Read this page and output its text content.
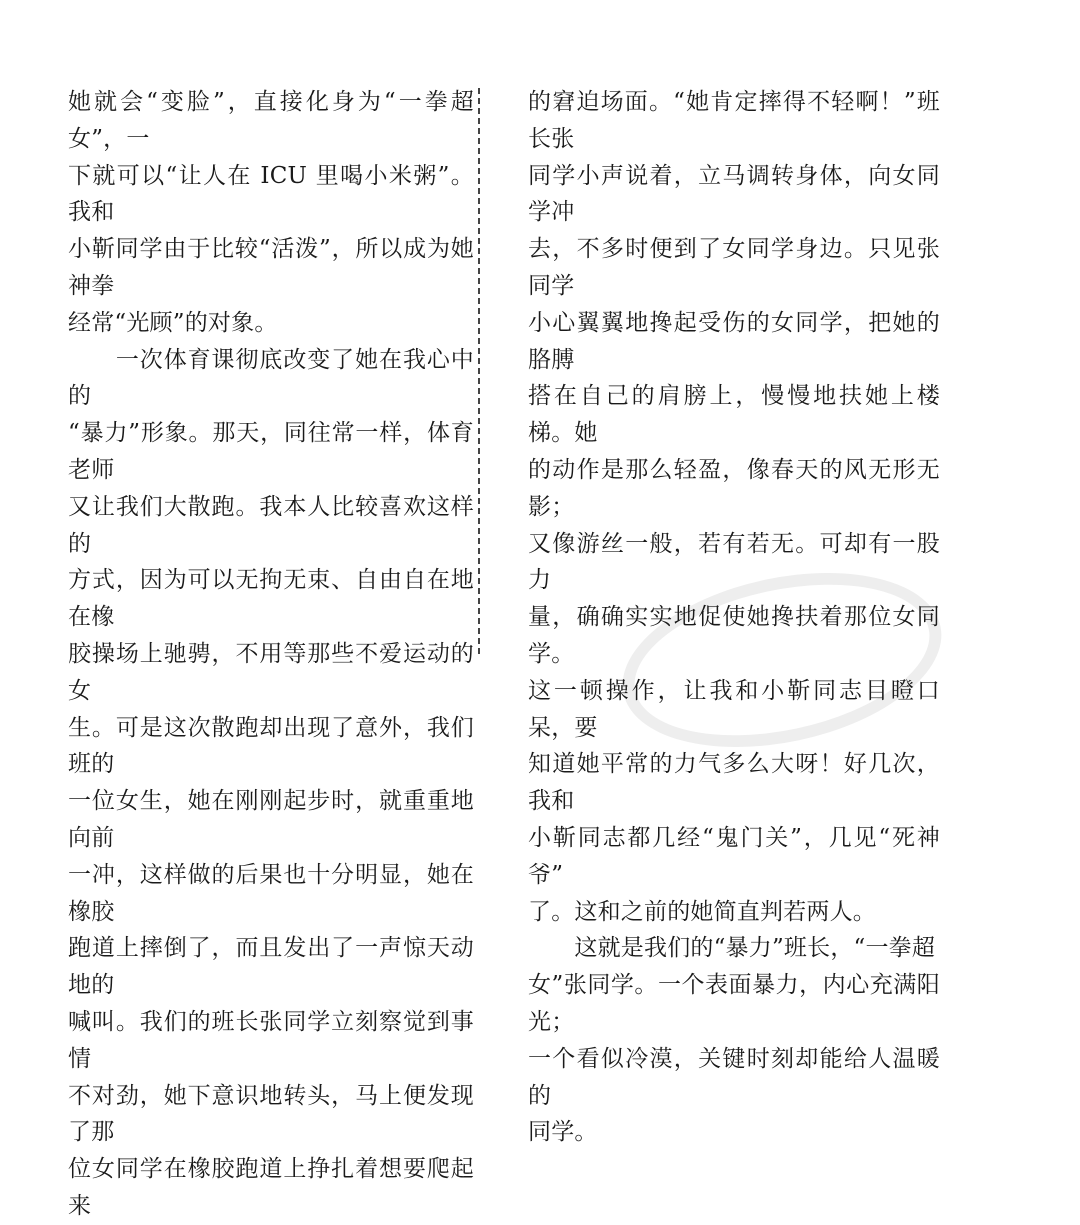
她就会“变脸”，直接化身为“一拳超女”，一
下就可以“让人在 ICU 里喝小米粥”。我和
小靳同学由于比较“活泼”，所以成为她神拳
经常“光顾”的对象。

　　一次体育课彻底改变了她在我心中的
“暴力”形象。那天，同往常一样，体育老师
又让我们大散跑。我本人比较喜欢这样的
方式，因为可以无拘无束、自由自在地在橡
胶操场上驰骋，不用等那些不爱运动的女
生。可是这次散跑却出现了意外，我们班的
一位女生，她在刚刚起步时，就重重地向前
一冲，这样做的后果也十分明显，她在橡胶
跑道上摔倒了，而且发出了一声惊天动地的
喊叫。我们的班长张同学立刻察觉到事情
不对劲，她下意识地转头，马上便发现了那
位女同学在橡胶跑道上挣扎着想要爬起来

的窘迫场面。“她肯定摔得不轻啊！”班长张
同学小声说着，立马调转身体，向女同学冲
去，不多时便到了女同学身边。只见张同学
小心翼翼地搀起受伤的女同学，把她的胳膊
搭在自己的肩膀上，慢慢地扶她上楼梯。她
的动作是那么轻盈，像春天的风无形无影；
又像游丝一般，若有若无。可却有一股力
量，确确实实地促使她搀扶着那位女同学。
这一顿操作，让我和小靳同志目瞪口呆，要
知道她平常的力气多么大呀！好几次，我和
小靳同志都几经“鬼门关”，几见“死神爷”
了。这和之前的她简直判若两人。

　　这就是我们的“暴力”班长，“一拳超
女”张同学。一个表面暴力，内心充满阳光；
一个看似冷漠，关键时刻却能给人温暖的
同学。
